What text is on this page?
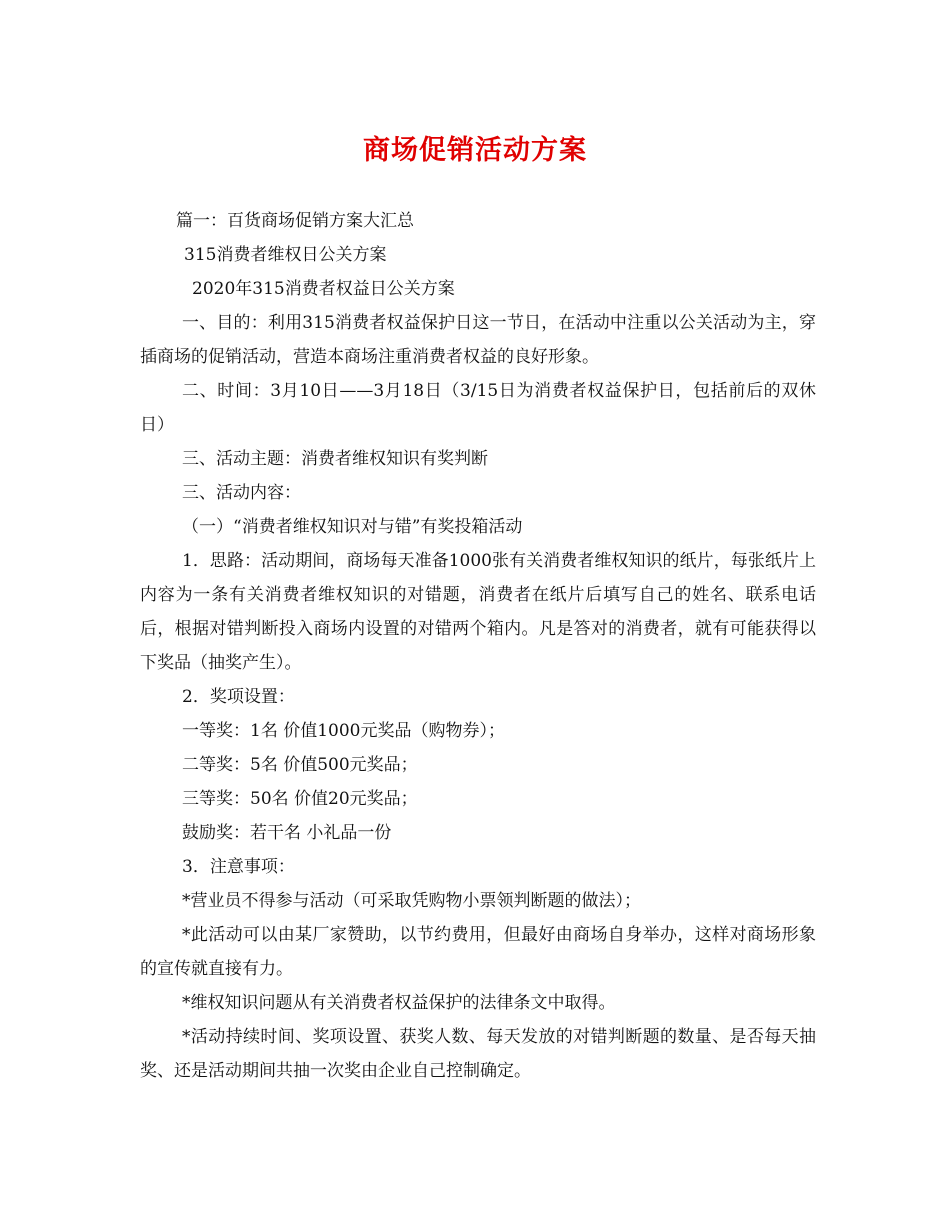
商场促销活动方案

篇一：百货商场促销方案大汇总

315消费者维权日公关方案

2020年315消费者权益日公关方案

一、目的：利用315消费者权益保护日这一节日，在活动中注重以公关活动为主，穿插商场的促销活动，营造本商场注重消费者权益的良好形象。

二、时间：3月10日——3月18日（3/15日为消费者权益保护日，包括前后的双休日）

三、活动主题：消费者维权知识有奖判断

三、活动内容：

（一）“消费者维权知识对与错”有奖投箱活动

1．思路：活动期间，商场每天准备1000张有关消费者维权知识的纸片，每张纸片上内容为一条有关消费者维权知识的对错题，消费者在纸片后填写自己的姓名、联系电话后，根据对错判断投入商场内设置的对错两个箱内。凡是答对的消费者，就有可能获得以下奖品（抽奖产生）。

2．奖项设置：

一等奖：1名 价值1000元奖品（购物券）；

二等奖：5名 价值500元奖品；

三等奖：50名 价值20元奖品；

鼓励奖：若干名 小礼品一份

3．注意事项：

*营业员不得参与活动（可采取凭购物小票领判断题的做法）；

*此活动可以由某厂家赞助，以节约费用，但最好由商场自身举办，这样对商场形象的宣传就直接有力。

*维权知识问题从有关消费者权益保护的法律条文中取得。

*活动持续时间、奖项设置、获奖人数、每天发放的对错判断题的数量、是否每天抽奖、还是活动期间共抽一次奖由企业自己控制确定。
